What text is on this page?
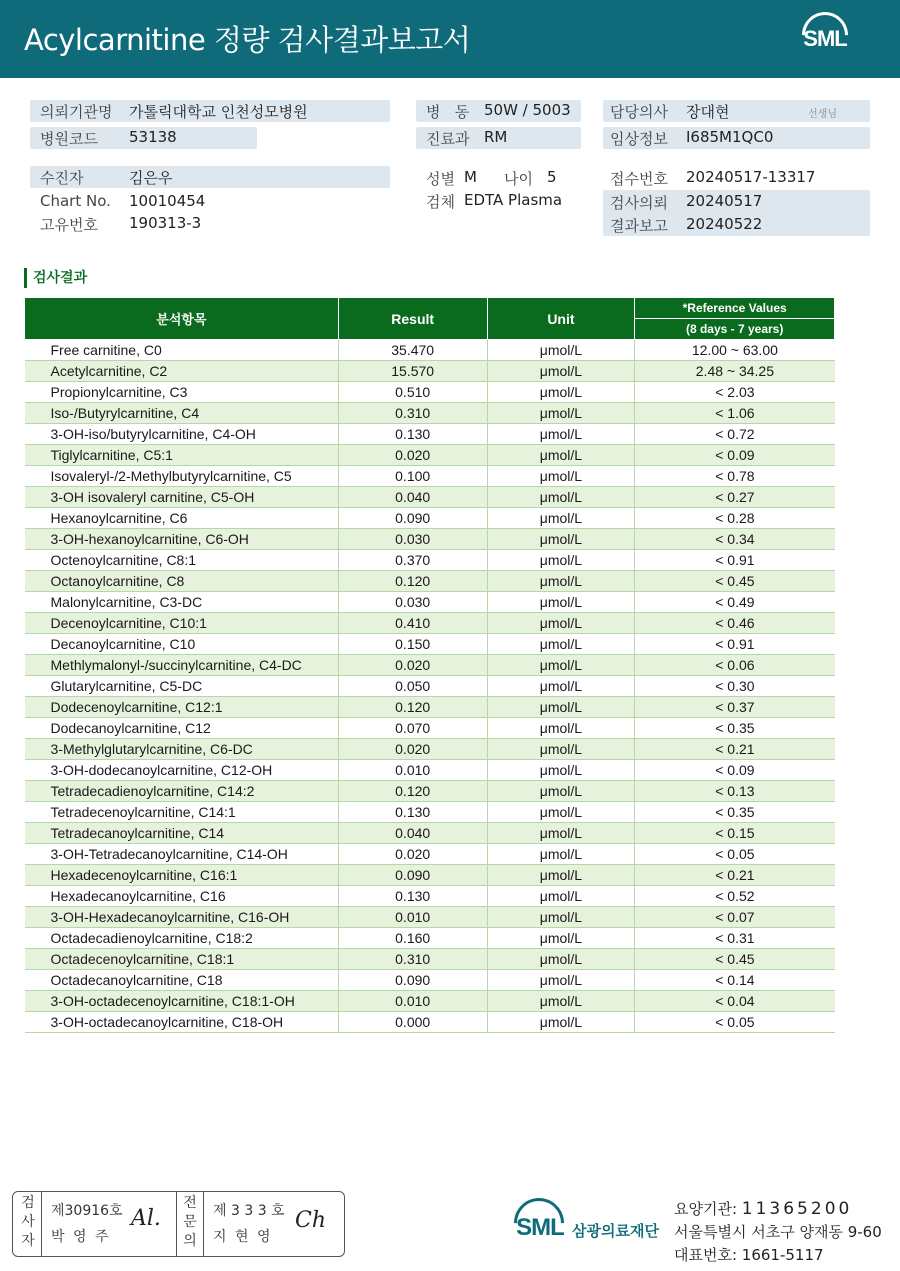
Acylcarnitine 정량 검사결과보고서	SML
의뢰기관명 가톨릭대학교 인천성모병원
병원코드 53138
병   동 50W / 5003
진료과 RM
담당의사 장대현	선생님
임상정보 I685M1QC0
수진자	김은우
Chart No. 10010454
고유번호 190313-3
성별 M 나이 5
검체 EDTA Plasma
접수번호 20240517-13317
검사의뢰 20240517
결과보고 20240522
검사결과
분석항목	Result	Unit	*Reference Values
			(8 days - 7 years)
Free carnitine, C0	35.470	μmol/L	12.00 ~ 63.00
Acetylcarnitine, C2	15.570	μmol/L	2.48 ~ 34.25
Propionylcarnitine, C3	0.510	μmol/L	< 2.03
Iso-/Butyrylcarnitine, C4	0.310	μmol/L	< 1.06
3-OH-iso/butyrylcarnitine, C4-OH	0.130	μmol/L	< 0.72
Tiglylcarnitine, C5:1	0.020	μmol/L	< 0.09
Isovaleryl-/2-Methylbutyrylcarnitine, C5	0.100	μmol/L	< 0.78
3-OH isovaleryl carnitine, C5-OH	0.040	μmol/L	< 0.27
Hexanoylcarnitine, C6	0.090	μmol/L	< 0.28
3-OH-hexanoylcarnitine, C6-OH	0.030	μmol/L	< 0.34
Octenoylcarnitine, C8:1	0.370	μmol/L	< 0.91
Octanoylcarnitine, C8	0.120	μmol/L	< 0.45
Malonylcarnitine, C3-DC	0.030	μmol/L	< 0.49
Decenoylcarnitine, C10:1	0.410	μmol/L	< 0.46
Decanoylcarnitine, C10	0.150	μmol/L	< 0.91
Methlymalonyl-/succinylcarnitine, C4-DC	0.020	μmol/L	< 0.06
Glutarylcarnitine, C5-DC	0.050	μmol/L	< 0.30
Dodecenoylcarnitine, C12:1	0.120	μmol/L	< 0.37
Dodecanoylcarnitine, C12	0.070	μmol/L	< 0.35
3-Methylglutarylcarnitine, C6-DC	0.020	μmol/L	< 0.21
3-OH-dodecanoylcarnitine, C12-OH	0.010	μmol/L	< 0.09
Tetradecadienoylcarnitine, C14:2	0.120	μmol/L	< 0.13
Tetradecenoylcarnitine, C14:1	0.130	μmol/L	< 0.35
Tetradecanoylcarnitine, C14	0.040	μmol/L	< 0.15
3-OH-Tetradecanoylcarnitine, C14-OH	0.020	μmol/L	< 0.05
Hexadecenoylcarnitine, C16:1	0.090	μmol/L	< 0.21
Hexadecanoylcarnitine, C16	0.130	μmol/L	< 0.52
3-OH-Hexadecanoylcarnitine, C16-OH	0.010	μmol/L	< 0.07
Octadecadienoylcarnitine, C18:2	0.160	μmol/L	< 0.31
Octadecenoylcarnitine, C18:1	0.310	μmol/L	< 0.45
Octadecanoylcarnitine, C18	0.090	μmol/L	< 0.14
3-OH-octadecenoylcarnitine, C18:1-OH	0.010	μmol/L	< 0.04
3-OH-octadecanoylcarnitine, C18-OH	0.000	μmol/L	< 0.05
검
사
자
제30916호
박 영 주
Al.
전
문
의
제 3 3 3 호
지 현 영
Ch	SML 삼광의료재단
요양기관: 11365200
서울특별시 서초구 양재동 9-60
대표번호: 1661-5117
